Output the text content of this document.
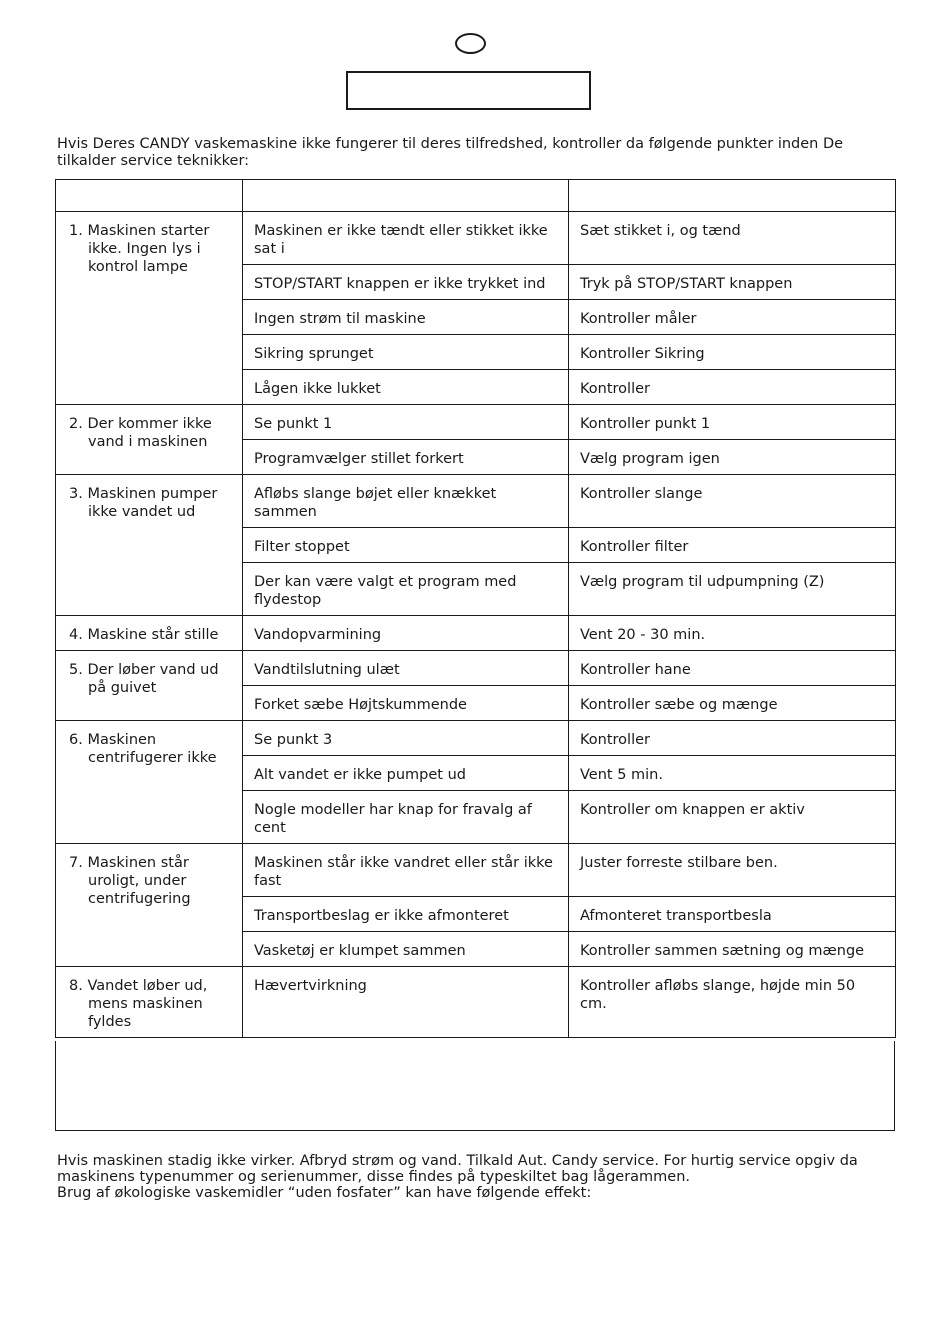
Hvis Deres CANDY vaskemaskine ikke fungerer til deres tilfredshed, kontroller da følgende punkter inden De tilkalder service teknikker:

1. Maskinen starter ikke. Ingen lys i kontrol lampe	Maskinen er ikke tændt eller stikket ikke sat i	Sæt stikket i, og tænd
	STOP/START knappen er ikke trykket ind	Tryk på STOP/START knappen
	Ingen strøm til maskine	Kontroller måler
	Sikring sprunget	Kontroller Sikring
	Lågen ikke lukket	Kontroller

2. Der kommer ikke vand i maskinen	Se punkt 1	Kontroller punkt 1
	Programvælger stillet forkert	Vælg program igen

3. Maskinen pumper ikke vandet ud	Afløbs slange bøjet eller knækket sammen	Kontroller slange
	Filter stoppet	Kontroller filter
	Der kan være valgt et program med flydestop	Vælg program til udpumpning (Z)

4. Maskine står stille	Vandopvarmining	Vent 20 - 30 min.

5. Der løber vand ud på guivet	Vandtilslutning ulæt	Kontroller hane
	Forket sæbe Højtskummende	Kontroller sæbe og mænge

6. Maskinen centrifugerer ikke	Se punkt 3	Kontroller
	Alt vandet er ikke pumpet ud	Vent 5 min.
	Nogle modeller har knap for fravalg af cent	Kontroller om knappen er aktiv

7. Maskinen står uroligt, under centrifugering	Maskinen står ikke vandret eller står ikke fast	Juster forreste stilbare ben.
	Transportbeslag er ikke afmonteret	Afmonteret transportbesla
	Vasketøj er klumpet sammen	Kontroller sammen sætning og mænge

8. Vandet løber ud, mens maskinen fyldes	Hævertvirkning	Kontroller afløbs slange, højde min 50 cm.

Hvis maskinen stadig ikke virker. Afbryd strøm og vand. Tilkald Aut. Candy service. For hurtig service opgiv da maskinens typenummer og serienummer, disse findes på typeskiltet bag lågerammen.
Brug af økologiske vaskemidler “uden fosfater” kan have følgende effekt:
